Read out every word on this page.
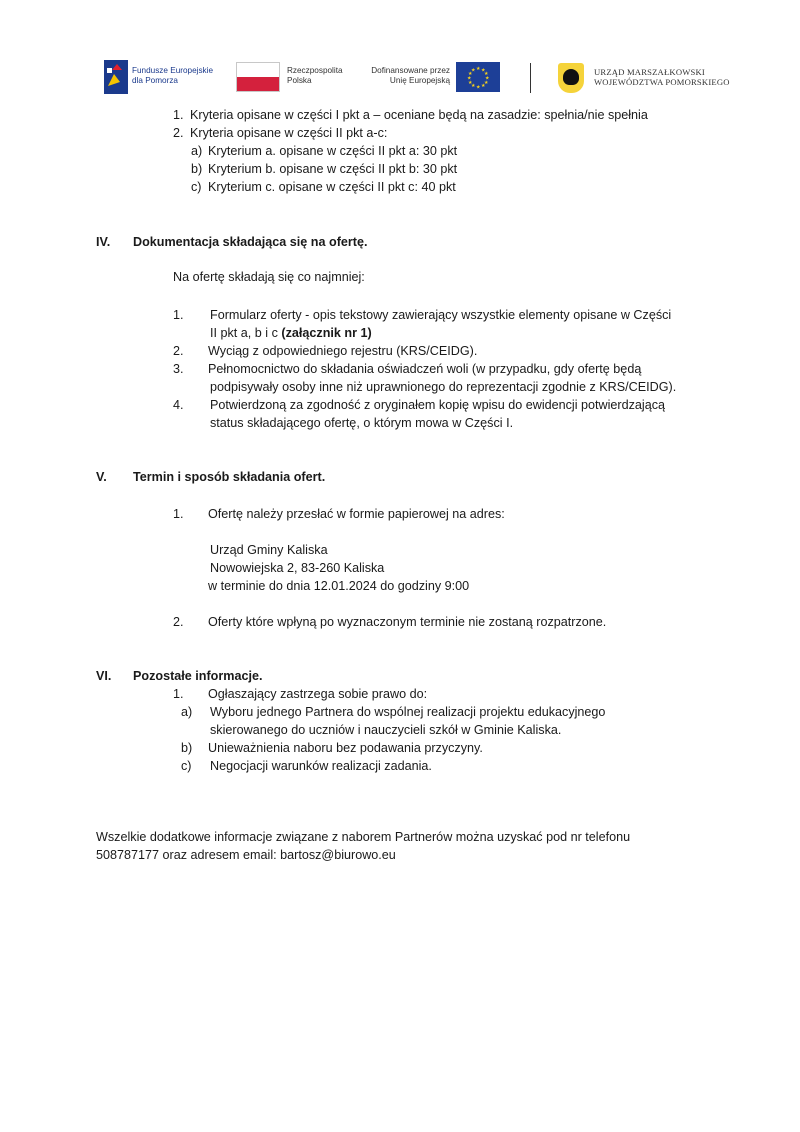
Fundusze Europejskie
dla Pomorza
Rzeczpospolita
Polska
Dofinansowane przez
Unię Europejską
★ ★
★
★
★
★
★
★
★
★
★
★	URZĄD MARSZAŁKOWSKI
WOJEWÓDZTWA POMORSKIEGO
1. Kryteria opisane w części I pkt a – oceniane będą na zasadzie: spełnia/nie spełnia
2. Kryteria opisane w części II pkt a-c:
a) Kryterium a. opisane w części II pkt a: 30 pkt
b) Kryterium b. opisane w części II pkt b: 30 pkt
c) Kryterium c. opisane w części II pkt c: 40 pkt
IV. Dokumentacja składająca się na ofertę.
Na ofertę składają się co najmniej:
1. Formularz oferty - opis tekstowy zawierający wszystkie elementy opisane w Części
II pkt a, b i c (załącznik nr 1)
2. Wyciąg z odpowiedniego rejestru (KRS/CEIDG).
3. Pełnomocnictwo do składania oświadczeń woli (w przypadku, gdy ofertę będą
podpisywały osoby inne niż uprawnionego do reprezentacji zgodnie z KRS/CEIDG).
4. Potwierdzoną za zgodność z oryginałem kopię wpisu do ewidencji potwierdzającą
status składającego ofertę, o którym mowa w Części I.
V. Termin i sposób składania ofert.
1. Ofertę należy przesłać w formie papierowej na adres:
Urząd Gminy Kaliska
Nowowiejska 2, 83-260 Kaliska
w terminie do dnia 12.01.2024 do godziny 9:00
2. Oferty które wpłyną po wyznaczonym terminie nie zostaną rozpatrzone.
VI. Pozostałe informacje.
1. Ogłaszający zastrzega sobie prawo do:
a) Wyboru jednego Partnera do wspólnej realizacji projektu edukacyjnego
skierowanego do uczniów i nauczycieli szkół w Gminie Kaliska.
b) Unieważnienia naboru bez podawania przyczyny.
c) Negocjacji warunków realizacji zadania.
Wszelkie dodatkowe informacje związane z naborem Partnerów można uzyskać pod nr telefonu
508787177 oraz adresem email: bartosz@biurowo.eu
